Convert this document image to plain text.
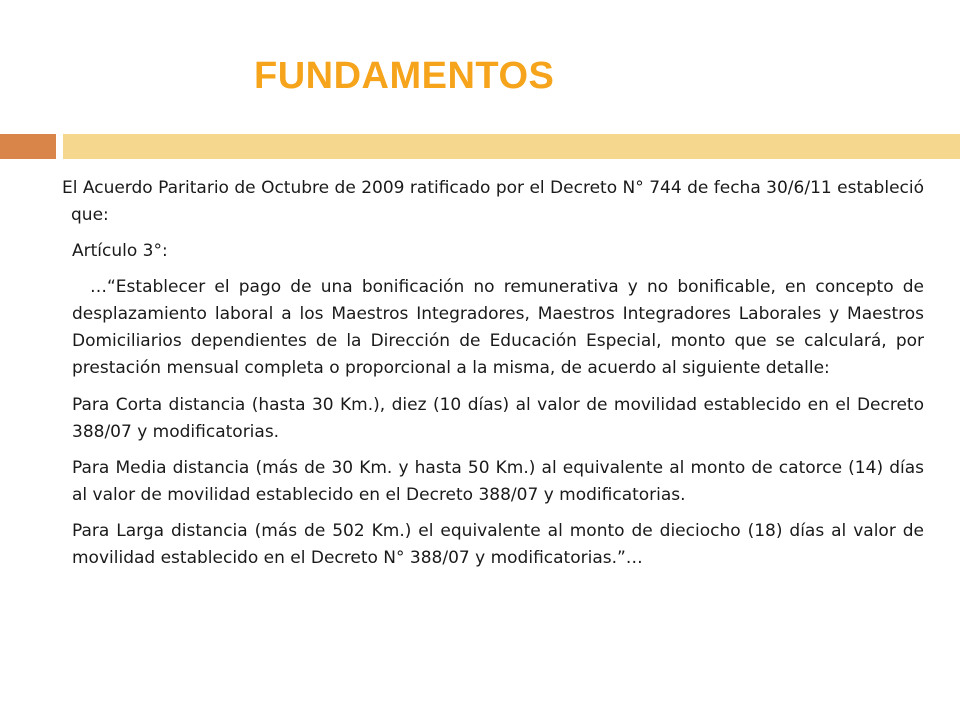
FUNDAMENTOS

El Acuerdo Paritario de Octubre de 2009 ratificado por el Decreto N° 744 de fecha 30/6/11 estableció que:

Artículo 3°:

…“Establecer el pago de una bonificación no remunerativa y no bonificable, en concepto de desplazamiento laboral a los Maestros Integradores, Maestros Integradores Laborales y Maestros Domiciliarios dependientes de la Dirección de Educación Especial, monto que se calculará, por prestación mensual completa o proporcional a la misma, de acuerdo al siguiente detalle:

Para Corta distancia (hasta 30 Km.), diez (10 días) al valor de movilidad establecido en el Decreto 388/07 y modificatorias.

Para Media distancia (más de 30 Km. y hasta 50 Km.) al equivalente al monto de catorce (14) días al valor de movilidad establecido en el Decreto 388/07 y modificatorias.

Para Larga distancia (más de 502 Km.) el equivalente al monto de dieciocho (18) días al valor de movilidad establecido en el Decreto N° 388/07 y modificatorias.”…
